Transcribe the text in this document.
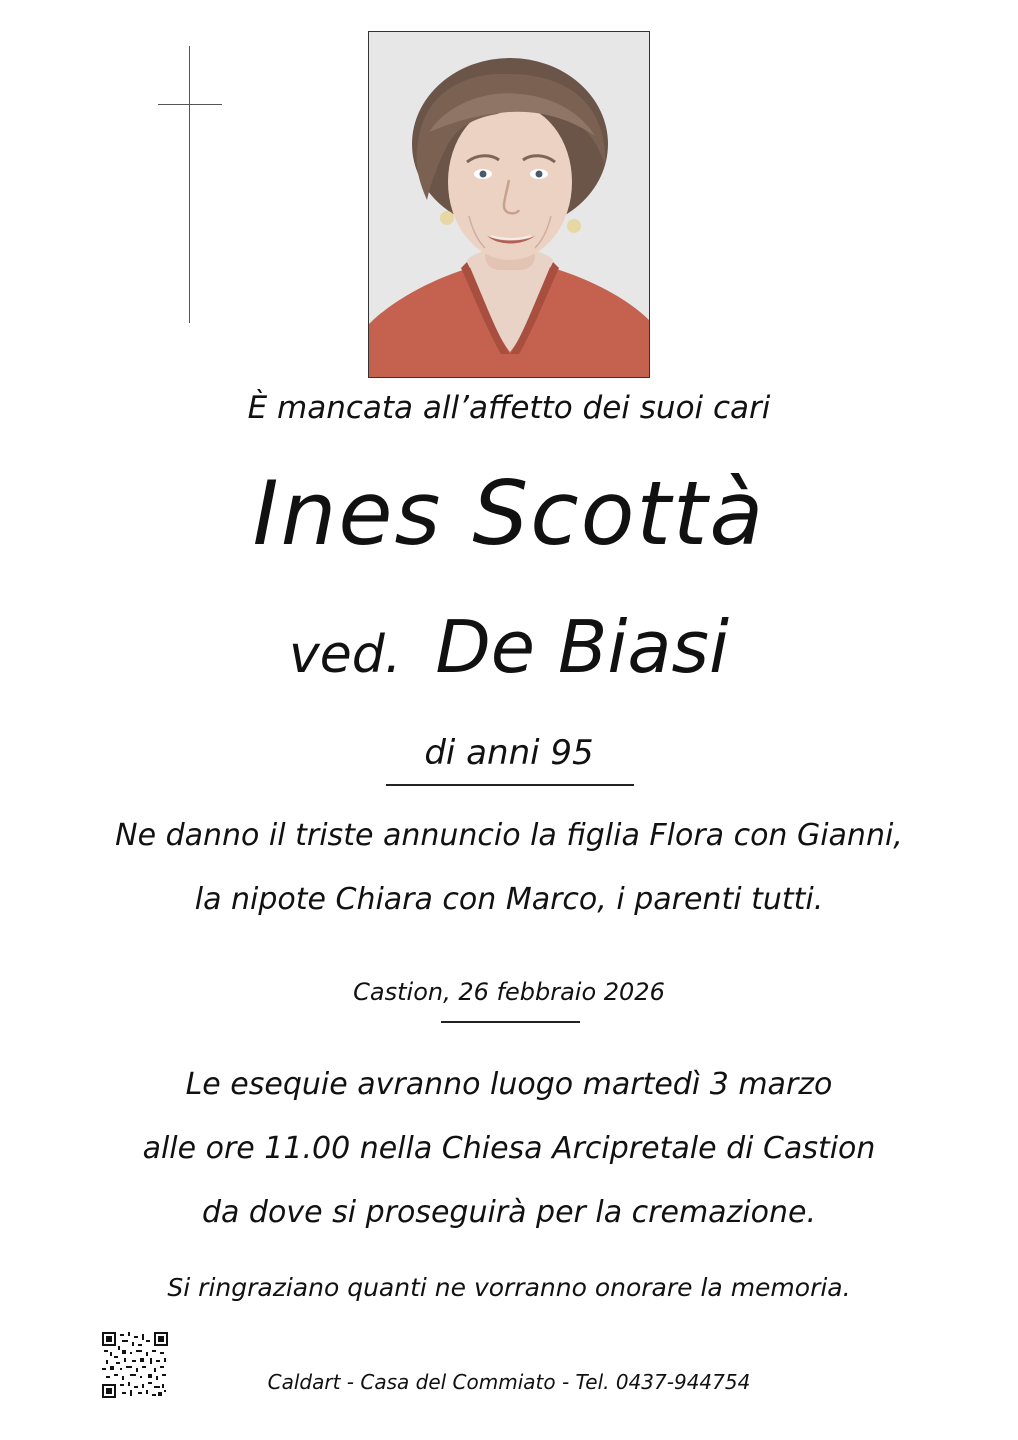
È mancata all’affetto dei suoi cari
Ines Scottà
ved. De Biasi
di anni 95
Ne danno il triste annuncio la figlia Flora con Gianni,
la nipote Chiara con Marco, i parenti tutti.
Castion, 26 febbraio 2026
Le esequie avranno luogo martedì 3 marzo
alle ore 11.00 nella Chiesa Arcipretale di Castion
da dove si proseguirà per la cremazione.
Si ringraziano quanti ne vorranno onorare la memoria.
Caldart - Casa del Commiato - Tel. 0437-944754
